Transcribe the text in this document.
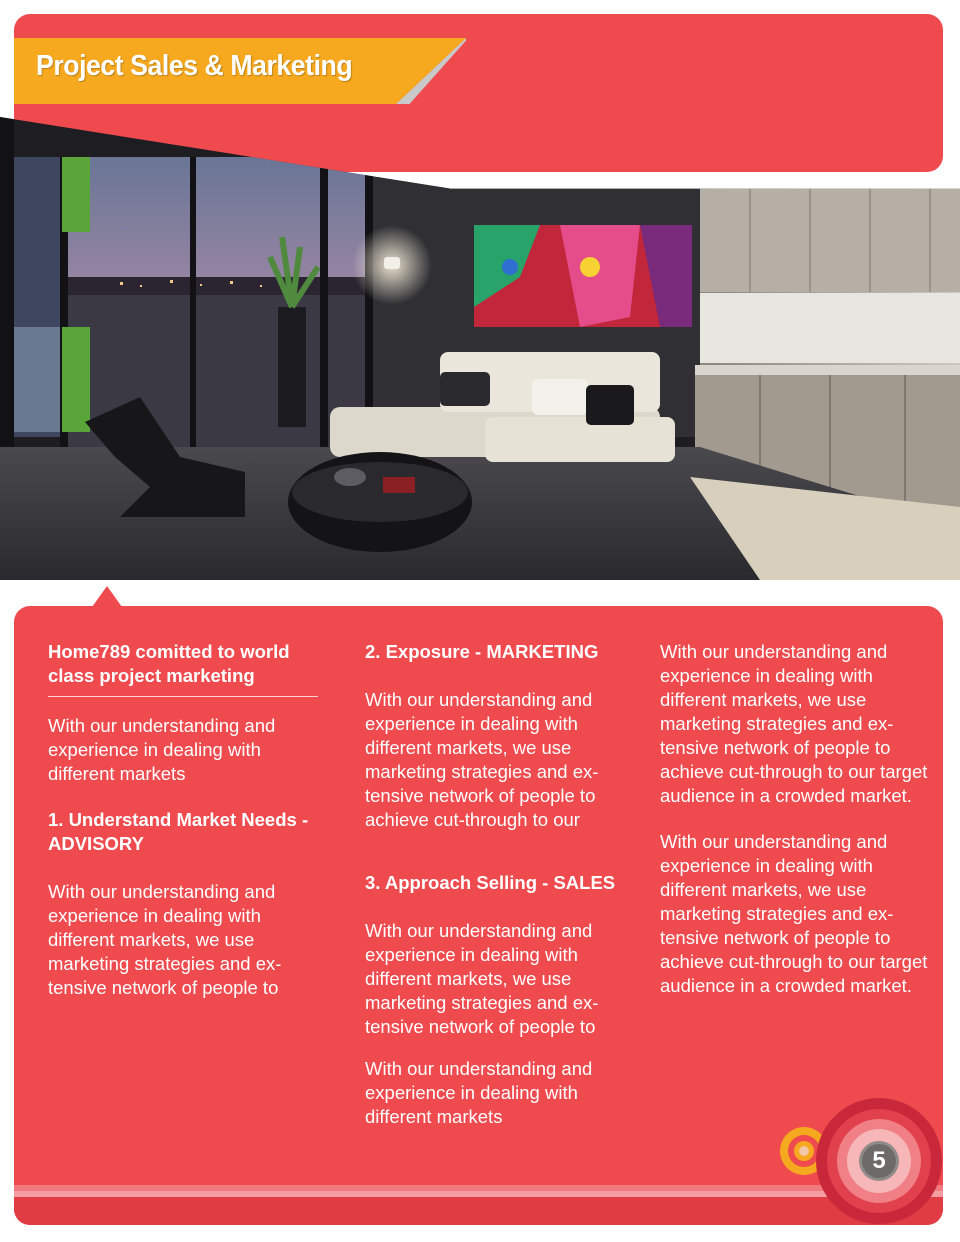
Project Sales & Marketing
Home789 comitted to world class project marketing
With our understanding and experience in dealing with different markets
1. Understand Market Needs - ADVISORY
With our understanding and experience in dealing with different markets, we use marketing strategies and ex-tensive network of people to
2. Exposure - MARKETING
With our understanding and experience in dealing with different markets, we use marketing strategies and ex-tensive network of people to achieve cut-through to our
3. Approach Selling - SALES
With our understanding and experience in dealing with different markets, we use marketing strategies and ex-tensive network of people to
With our understanding and experience in dealing with different markets
With our understanding and experience in dealing with different markets, we use marketing strategies and ex-tensive network of people to achieve cut-through to our target audience in a crowded market.
With our understanding and experience in dealing with different markets, we use marketing strategies and ex-tensive network of people to achieve cut-through to our target audience in a crowded market.
5
